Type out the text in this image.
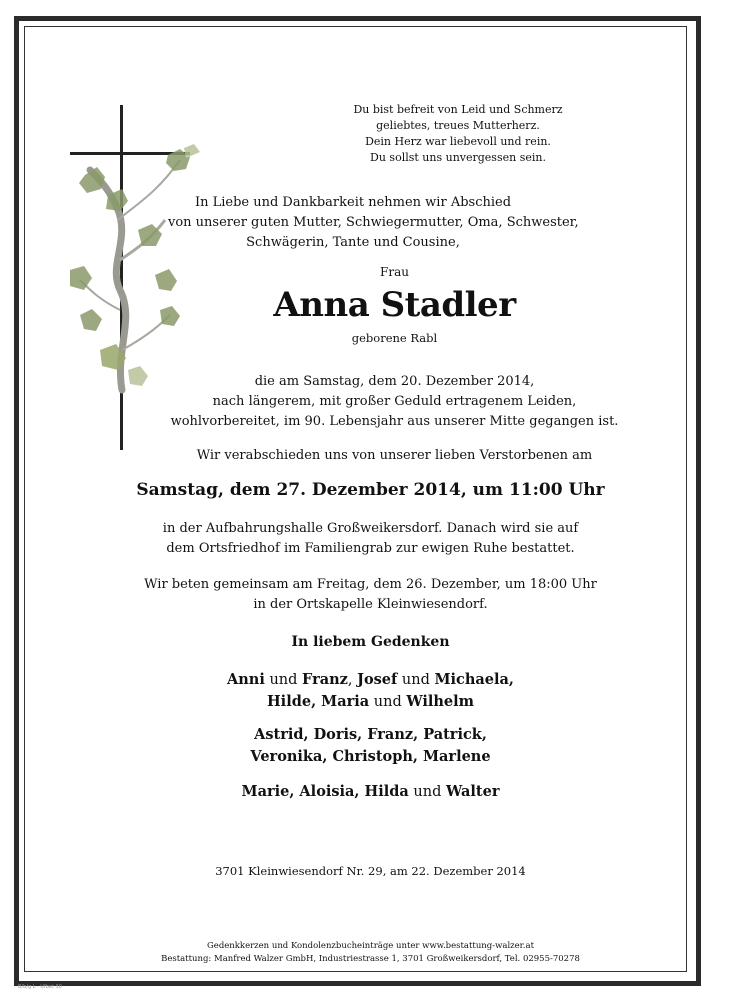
Du bist befreit von Leid und Schmerz
geliebtes, treues Mutterherz.
Dein Herz war liebevoll und rein.
Du sollst uns unvergessen sein.
In Liebe und Dankbarkeit nehmen wir Abschied
von unserer guten Mutter, Schwiegermutter, Oma, Schwester,
Schwägerin, Tante und Cousine,
Frau
Anna Stadler
geborene Rabl
die am Samstag, dem 20. Dezember 2014,
nach längerem, mit großer Geduld ertragenem Leiden,
wohlvorbereitet, im 90. Lebensjahr aus unserer Mitte gegangen ist.
Wir verabschieden uns von unserer lieben Verstorbenen am
Samstag, dem 27. Dezember 2014, um 11:00 Uhr
in der Aufbahrungshalle Großweikersdorf. Danach wird sie auf
dem Ortsfriedhof im Familiengrab zur ewigen Ruhe bestattet.
Wir beten gemeinsam am Freitag, dem 26. Dezember, um 18:00 Uhr
in der Ortskapelle Kleinwiesendorf.
In liebem Gedenken
Anni und Franz, Josef und Michaela,
Hilde, Maria und Wilhelm
Astrid, Doris, Franz, Patrick,
Veronika, Christoph, Marlene
Marie, Aloisia, Hilda und Walter
3701 Kleinwiesendorf Nr. 29, am 22. Dezember 2014
Gedenkkerzen und Kondolenzbucheinträge unter www.bestattung-walzer.at
Bestattung: Manfred Walzer GmbH, Industriestrasse 1, 3701 Großweikersdorf, Tel. 02955-70278
B/b/g L · Ufbet 30
